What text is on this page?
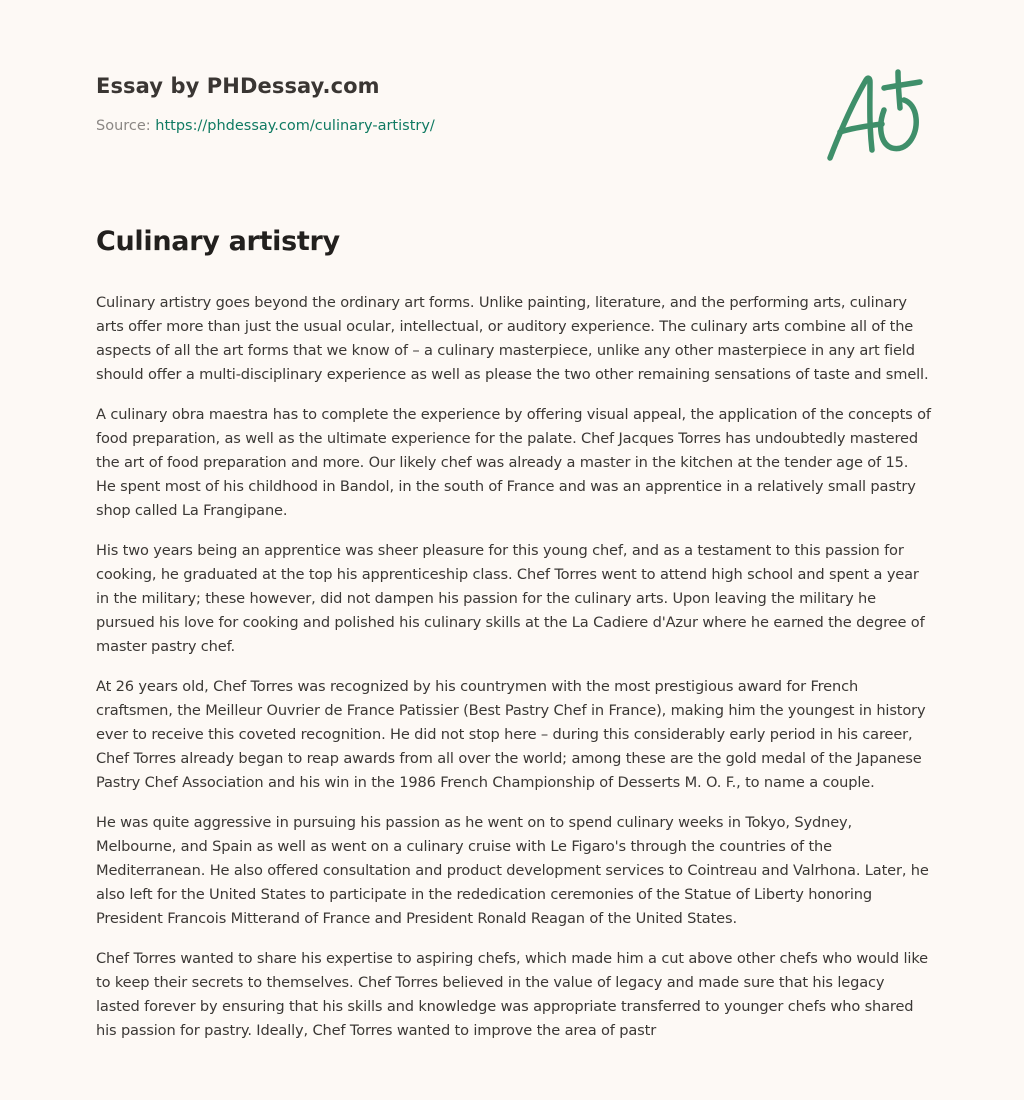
Essay by PHDessay.com
Source: https://phdessay.com/culinary-artistry/
Culinary artistry

Culinary artistry goes beyond the ordinary art forms. Unlike painting, literature, and the performing arts, culinary arts offer more than just the usual ocular, intellectual, or auditory experience. The culinary arts combine all of the aspects of all the art forms that we know of – a culinary masterpiece, unlike any other masterpiece in any art field should offer a multi-disciplinary experience as well as please the two other remaining sensations of taste and smell.

A culinary obra maestra has to complete the experience by offering visual appeal, the application of the concepts of food preparation, as well as the ultimate experience for the palate. Chef Jacques Torres has undoubtedly mastered the art of food preparation and more. Our likely chef was already a master in the kitchen at the tender age of 15. He spent most of his childhood in Bandol, in the south of France and was an apprentice in a relatively small pastry shop called La Frangipane.

His two years being an apprentice was sheer pleasure for this young chef, and as a testament to this passion for cooking, he graduated at the top his apprenticeship class. Chef Torres went to attend high school and spent a year in the military; these however, did not dampen his passion for the culinary arts. Upon leaving the military he pursued his love for cooking and polished his culinary skills at the La Cadiere d'Azur where he earned the degree of master pastry chef.

At 26 years old, Chef Torres was recognized by his countrymen with the most prestigious award for French craftsmen, the Meilleur Ouvrier de France Patissier (Best Pastry Chef in France), making him the youngest in history ever to receive this coveted recognition. He did not stop here – during this considerably early period in his career, Chef Torres already began to reap awards from all over the world; among these are the gold medal of the Japanese Pastry Chef Association and his win in the 1986 French Championship of Desserts M. O. F., to name a couple.

He was quite aggressive in pursuing his passion as he went on to spend culinary weeks in Tokyo, Sydney, Melbourne, and Spain as well as went on a culinary cruise with Le Figaro's through the countries of the Mediterranean. He also offered consultation and product development services to Cointreau and Valrhona. Later, he also left for the United States to participate in the rededication ceremonies of the Statue of Liberty honoring President Francois Mitterand of France and President Ronald Reagan of the United States.

Chef Torres wanted to share his expertise to aspiring chefs, which made him a cut above other chefs who would like to keep their secrets to themselves. Chef Torres believed in the value of legacy and made sure that his legacy lasted forever by ensuring that his skills and knowledge was appropriate transferred to younger chefs who shared his passion for pastry. Ideally, Chef Torres wanted to improve the area of pastr
